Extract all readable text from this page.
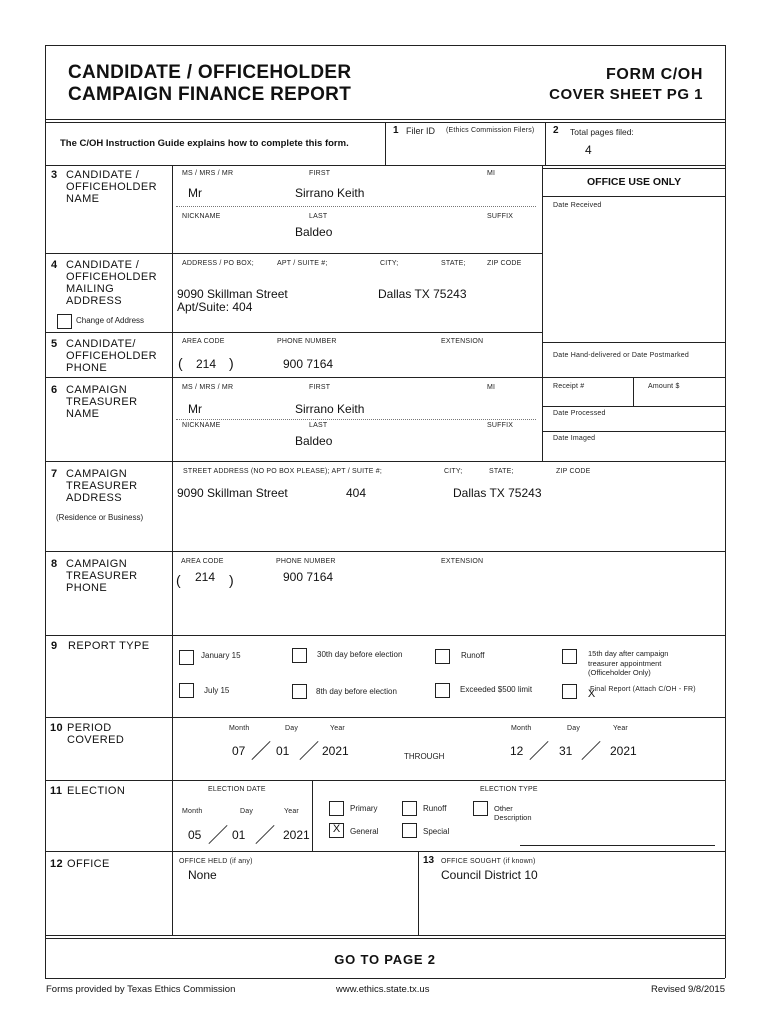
CANDIDATE / OFFICEHOLDER
CAMPAIGN FINANCE REPORT
FORM C/OH
COVER SHEET PG 1
The C/OH Instruction Guide explains how to complete this form.
1 Filer ID (Ethics Commission Filers) 2 Total pages filed:
4
OFFICE USE ONLY
Date Received
Date Hand-delivered or Date Postmarked
Receipt #	Amount $
Date Processed
Date Imaged
3 CANDIDATE /
OFFICEHOLDER
NAME
MS / MRS / MR	FIRST	MI
Mr	Sirrano Keith
NICKNAME	LAST	SUFFIX
Baldeo
4 CANDIDATE /
OFFICEHOLDER
MAILING
ADDRESS
ADDRESS / PO BOX;	APT / SUITE #;	CITY;	STATE;	ZIP CODE
9090 Skillman Street
Apt/Suite: 404
Dallas TX 75243
Change of Address
5 CANDIDATE/
OFFICEHOLDER
PHONE
AREA CODE	PHONE NUMBER	EXTENSION
( 214 )	900 7164
6 CAMPAIGN
TREASURER
NAME
MS / MRS / MR	FIRST	MI
Mr	Sirrano Keith
NICKNAME	LAST	SUFFIX
Baldeo
7 CAMPAIGN
TREASURER
ADDRESS
(Residence or Business)
STREET ADDRESS (NO PO BOX PLEASE); APT / SUITE #;	CITY;	STATE;	ZIP CODE
9090 Skillman Street	404	Dallas TX 75243
8 CAMPAIGN
TREASURER
PHONE
AREA CODE	PHONE NUMBER	EXTENSION
( 214 )	900 7164
9 REPORT TYPE
January 15	30th day before election	Runoff	15th day after campaign
treasurer appointment
(Officeholder Only)
July 15	8th day before election	Exceeded $500 limit	X
Final Report (Attach C/OH - FR)
10 PERIOD
COVERED
Month	Day	Year
07	01	2021	THROUGH
Month	Day	Year
12	31	2021
11 ELECTION	ELECTION DATE	ELECTION TYPE
Month	Day	Year
05	01	2021
Primary	Runoff	Other
Description
X	General	Special
12 OFFICE	OFFICE HELD (if any)
None
13 OFFICE SOUGHT (if known)
Council District 10
GO TO PAGE 2
Forms provided by Texas Ethics Commission	www.ethics.state.tx.us	Revised 9/8/2015
